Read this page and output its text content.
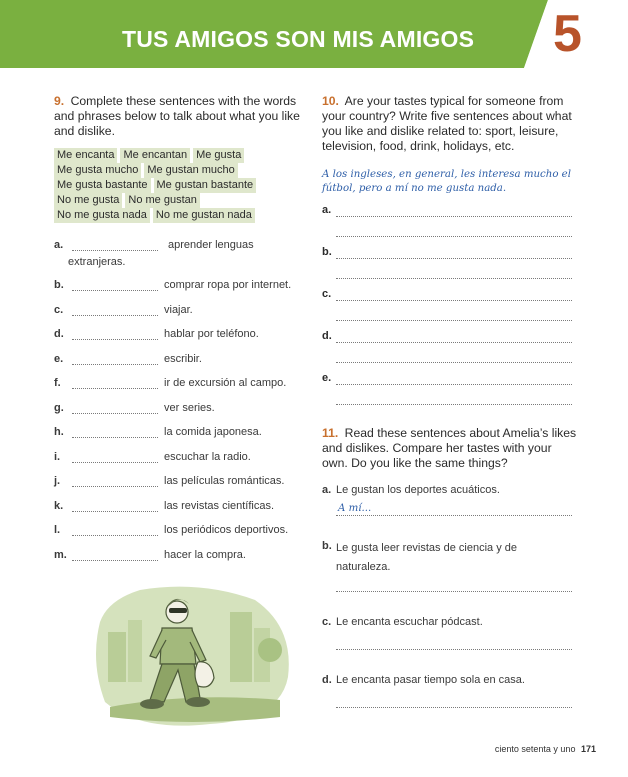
TUS AMIGOS SON MIS AMIGOS 5
9. Complete these sentences with the words and phrases below to talk about what you like and dislike.
Me encanta Me encantan Me gusta
Me gusta mucho Me gustan mucho
Me gusta bastante Me gustan bastante
No me gusta No me gustan
No me gusta nada No me gustan nada
a.	aprender lenguas
extranjeras.
b.	comprar ropa por internet.
c.	viajar.
d.	hablar por teléfono.
e.	escribir.
f.	ir de excursión al campo.
g.	ver series.
h.	la comida japonesa.
i.	escuchar la radio.
j.	las películas románticas.
k.	las revistas científicas.
l.	los periódicos deportivos.
m.	hacer la compra.
10. Are your tastes typical for someone from your country? Write five sentences about what you like and dislike related to: sport, leisure, television, food, drink, holidays, etc.
A los ingleses, en general, les interesa mucho el
fútbol, pero a mí no me gusta nada.
a.
b.
c.
d.
e.
11. Read these sentences about Amelia’s likes and dislikes. Compare her tastes with your own. Do you like the same things?
a. Le gustan los deportes acuáticos.
A mí...
b. Le gusta leer revistas de ciencia y de naturaleza.
c. Le encanta escuchar pódcast.
d. Le encanta pasar tiempo sola en casa.
ciento setenta y uno 171
